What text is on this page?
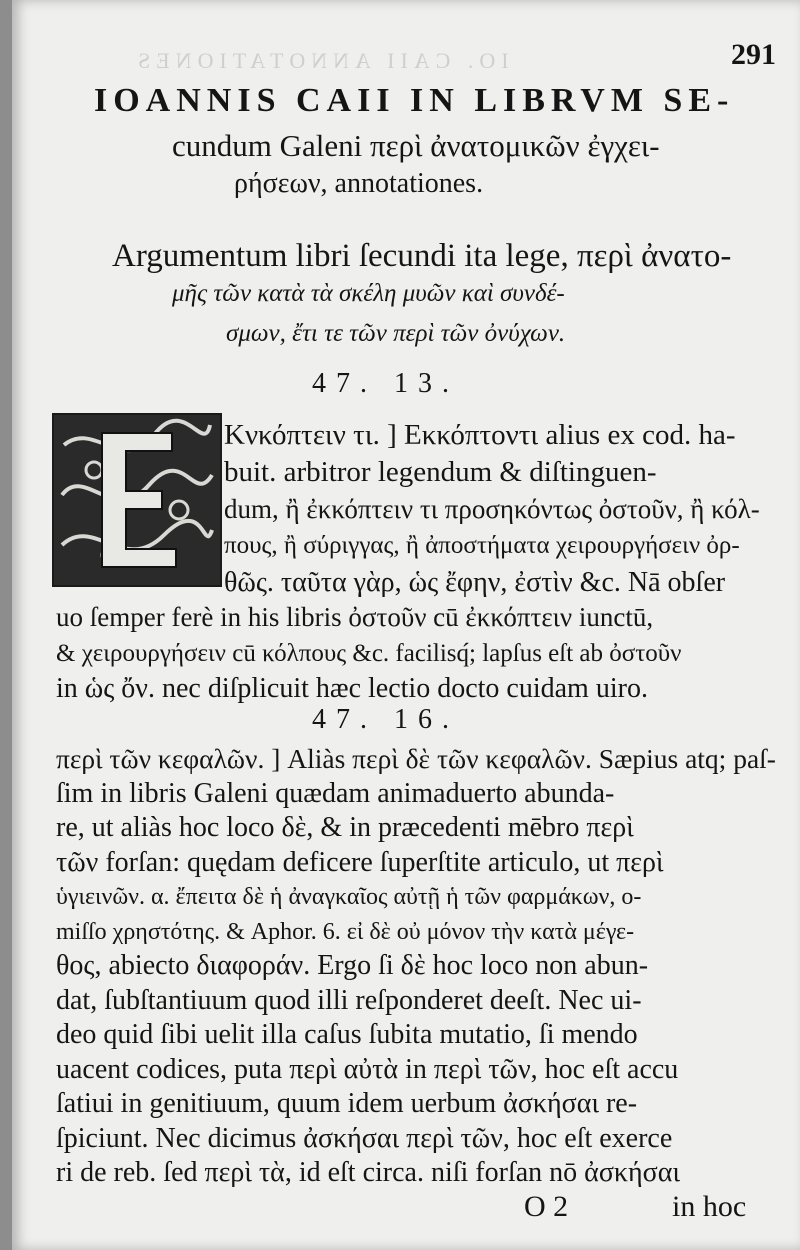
IO. CAII ANNOTATIONES	291
IOANNIS CAII IN LIBRVM SE-
cundum Galeni περὶ ἀνατομικῶν ἐγχει-
ρήσεων, annotationes.
Argumentum libri ſecundi ita lege, περὶ ἀνατο-
μῆς τῶν κατὰ τὰ σκέλη μυῶν καὶ συνδέ-
σμων, ἔτι τε τῶν περὶ τῶν ὀνύχων.
47. 13.
Κνκόπτειν τι. ] Εκκόπτοντι alius ex cod. ha-
buit. arbitror legendum & diſtinguen-
dum, ἢ ἐκκόπτειν τι προσηκόντως ὀστοῦν, ἢ κόλ-
πους, ἢ σύριγγας, ἢ ἀποστήματα χειρουργήσειν ὀρ-
θῶς. ταῦτα γὰρ, ὡς ἔφην, ἐστὶν &c. Nā obſer
uo ſemper ferè in his libris ὀστοῦν cū ἐκκόπτειν iunctū,
& χειρουργήσειν cū κόλπους &c. facilisq́; lapſus eſt ab ὀστοῦν
in ὡς ὄν. nec diſplicuit hæc lectio docto cuidam uiro.
47. 16.
περὶ τῶν κεφαλῶν. ] Aliàs περὶ δὲ τῶν κεφαλῶν. Sæpius atq; paſ-
ſim in libris Galeni quædam animaduerto abunda-
re, ut aliàs hoc loco δὲ, & in præcedenti mēbro περὶ
τῶν forſan: quędam deficere ſuperſtite articulo, ut περὶ
ὑγιεινῶν. α. ἔπειτα δὲ ἡ ἀναγκαῖος αὐτῇ ἡ τῶν φαρμάκων, o-
miſſo χρηστότης. & Aphor. 6. εἰ δὲ οὐ μόνον τὴν κατὰ μέγε-
θος, abiecto διαφοράν. Ergo ſi δὲ hoc loco non abun-
dat, ſubſtantiuum quod illi reſponderet deeſt. Nec ui-
deo quid ſibi uelit illa caſus ſubita mutatio, ſi mendo
uacent codices, puta περὶ αὐτὰ in περὶ τῶν, hoc eſt accu
ſatiui in genitiuum, quum idem uerbum ἀσκήσαι re-
ſpiciunt. Nec dicimus ἀσκήσαι περὶ τῶν, hoc eſt exerce
ri de reb. ſed περὶ τὰ, id eſt circa. niſi forſan nō ἀσκήσαι
O 2	in hoc
